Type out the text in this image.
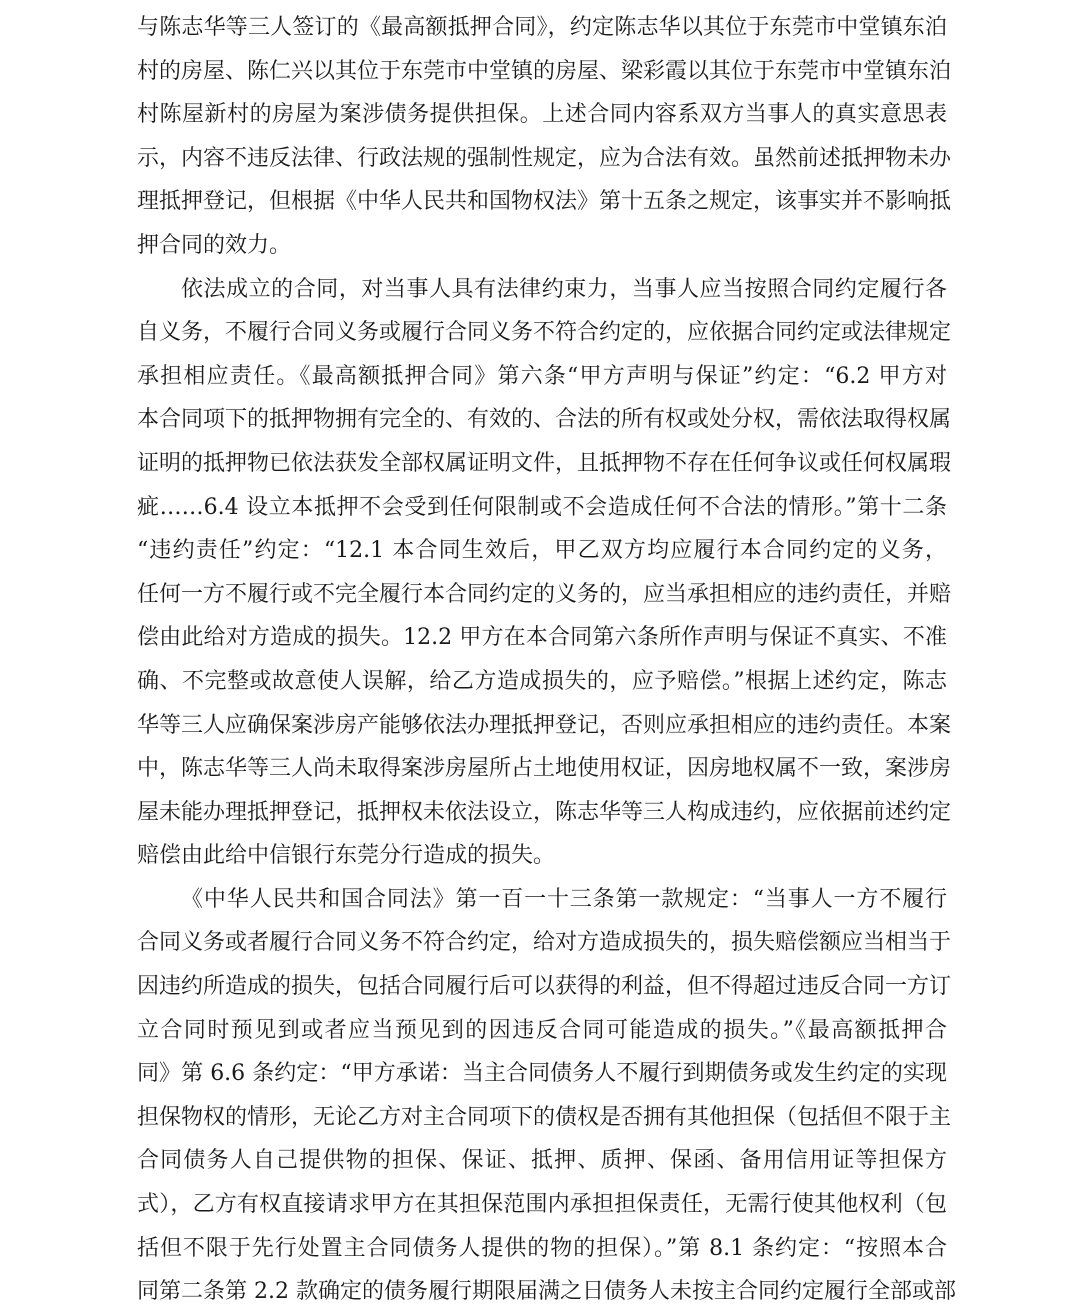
与陈志华等三人签订的《最高额抵押合同》，约定陈志华以其位于东莞市中堂镇东泊
村的房屋、陈仁兴以其位于东莞市中堂镇的房屋、梁彩霞以其位于东莞市中堂镇东泊
村陈屋新村的房屋为案涉债务提供担保。上述合同内容系双方当事人的真实意思表
示，内容不违反法律、行政法规的强制性规定，应为合法有效。虽然前述抵押物未办
理抵押登记，但根据《中华人民共和国物权法》第十五条之规定，该事实并不影响抵
押合同的效力。
依法成立的合同，对当事人具有法律约束力，当事人应当按照合同约定履行各
自义务，不履行合同义务或履行合同义务不符合约定的，应依据合同约定或法律规定
承担相应责任。《最高额抵押合同》第六条“甲方声明与保证”约定：“6.2 甲方对
本合同项下的抵押物拥有完全的、有效的、合法的所有权或处分权，需依法取得权属
证明的抵押物已依法获发全部权属证明文件，且抵押物不存在任何争议或任何权属瑕
疵……6.4 设立本抵押不会受到任何限制或不会造成任何不合法的情形。”第十二条
“违约责任”约定：“12.1 本合同生效后，甲乙双方均应履行本合同约定的义务，
任何一方不履行或不完全履行本合同约定的义务的，应当承担相应的违约责任，并赔
偿由此给对方造成的损失。12.2 甲方在本合同第六条所作声明与保证不真实、不准
确、不完整或故意使人误解，给乙方造成损失的，应予赔偿。”根据上述约定，陈志
华等三人应确保案涉房产能够依法办理抵押登记，否则应承担相应的违约责任。本案
中，陈志华等三人尚未取得案涉房屋所占土地使用权证，因房地权属不一致，案涉房
屋未能办理抵押登记，抵押权未依法设立，陈志华等三人构成违约，应依据前述约定
赔偿由此给中信银行东莞分行造成的损失。
《中华人民共和国合同法》第一百一十三条第一款规定：“当事人一方不履行
合同义务或者履行合同义务不符合约定，给对方造成损失的，损失赔偿额应当相当于
因违约所造成的损失，包括合同履行后可以获得的利益，但不得超过违反合同一方订
立合同时预见到或者应当预见到的因违反合同可能造成的损失。”《最高额抵押合
同》第 6.6 条约定：“甲方承诺：当主合同债务人不履行到期债务或发生约定的实现
担保物权的情形，无论乙方对主合同项下的债权是否拥有其他担保（包括但不限于主
合同债务人自己提供物的担保、保证、抵押、质押、保函、备用信用证等担保方
式），乙方有权直接请求甲方在其担保范围内承担担保责任，无需行使其他权利（包
括但不限于先行处置主合同债务人提供的物的担保）。”第 8.1 条约定：“按照本合
同第二条第 2.2 款确定的债务履行期限届满之日债务人未按主合同约定履行全部或部
